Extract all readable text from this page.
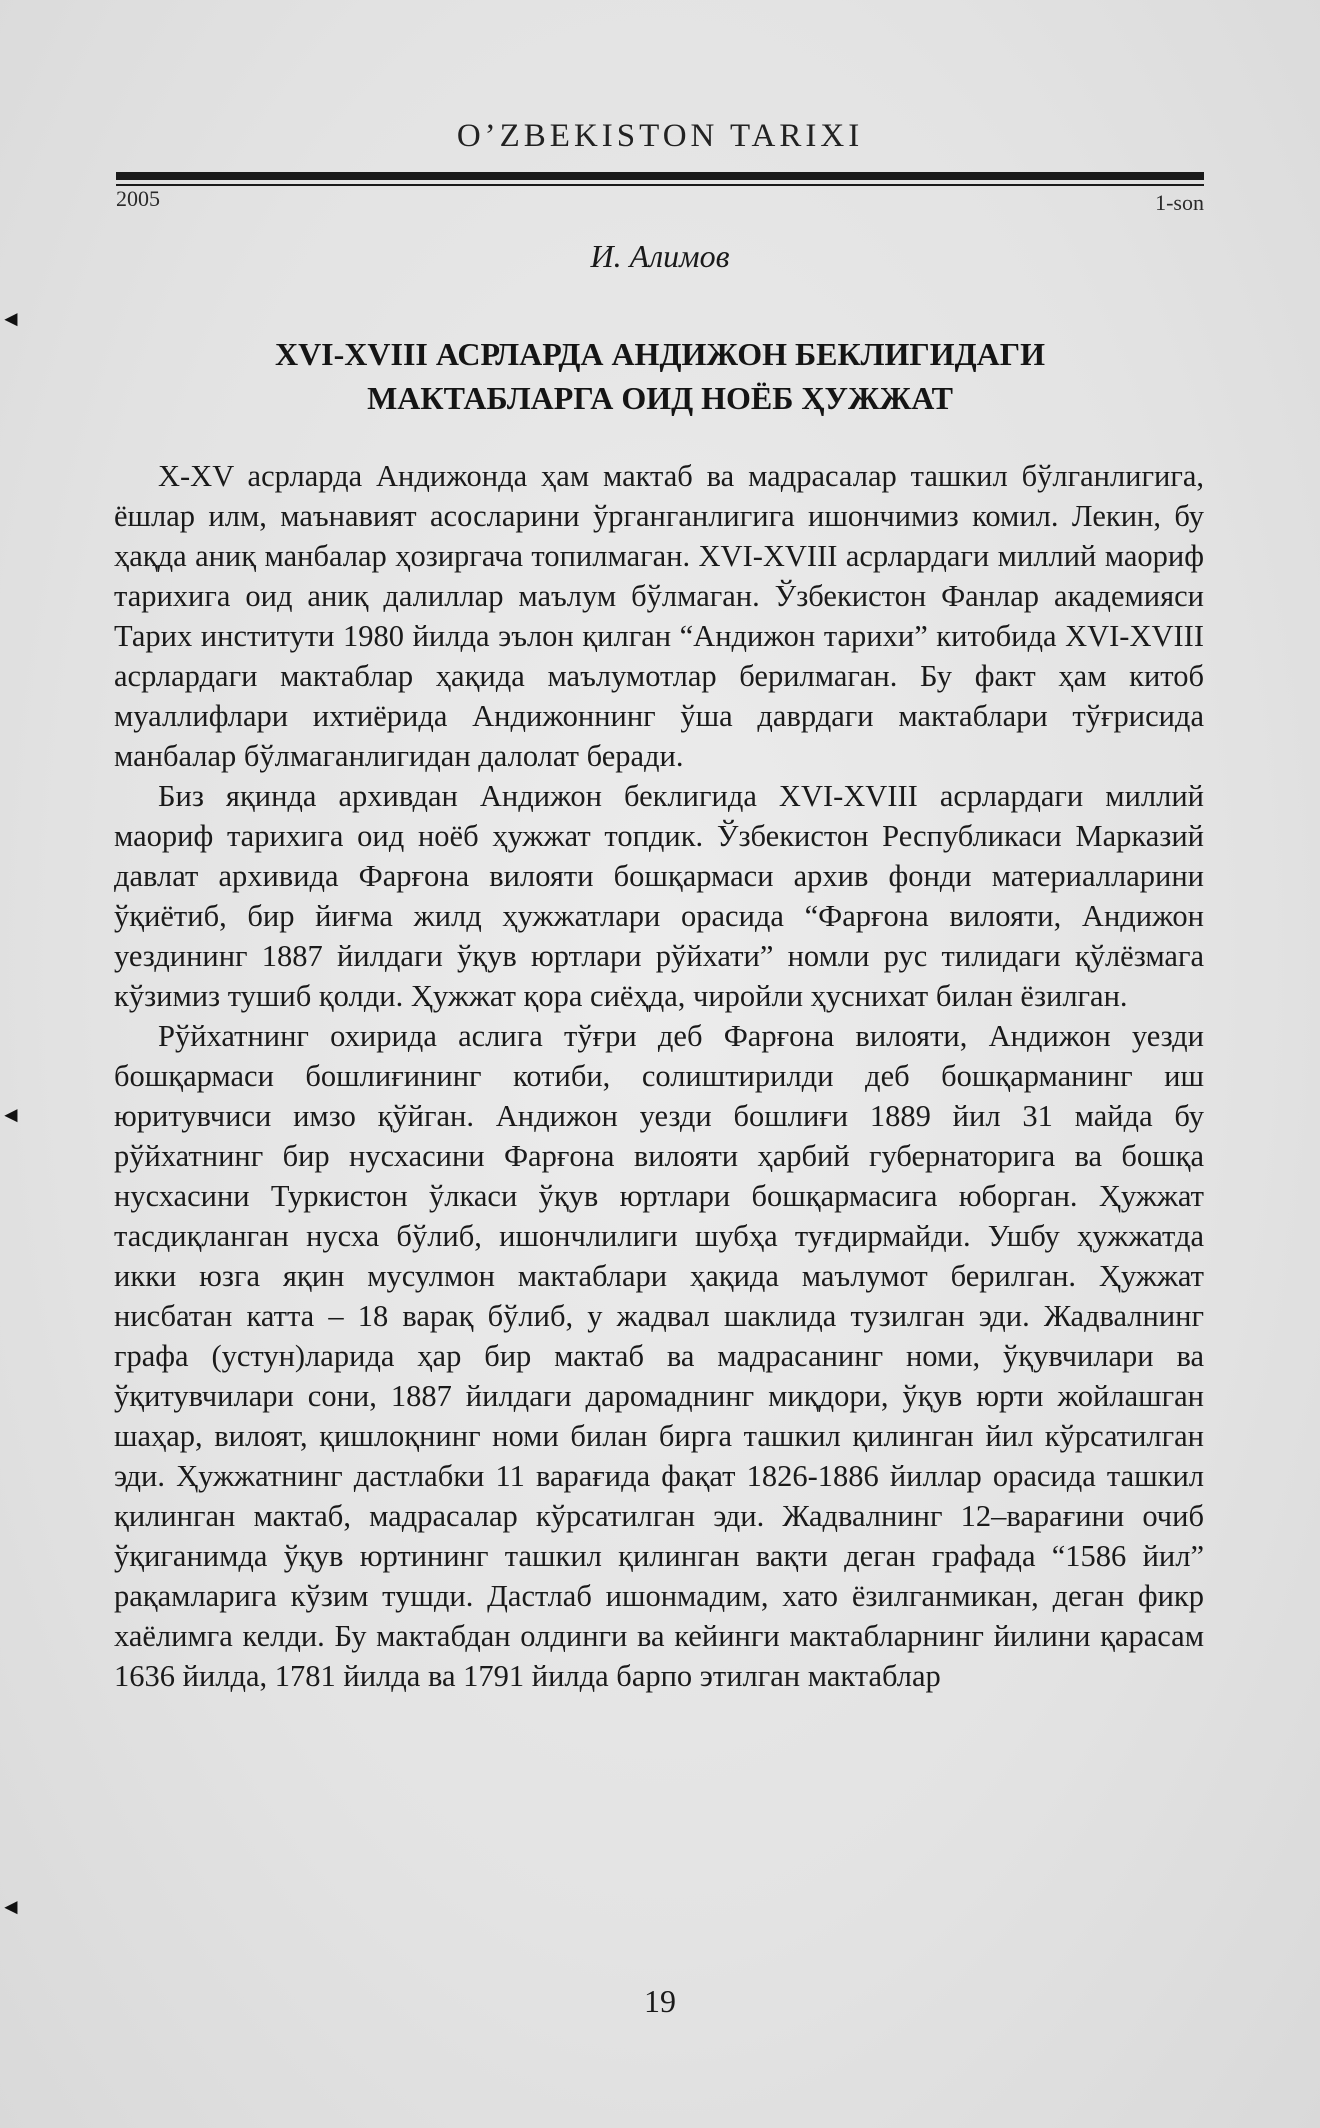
O’ZBEKISTON TARIXI
2005	1-son
И. Алимов
XVI-XVIII АСРЛАРДА АНДИЖОН БЕКЛИГИДАГИ
МАКТАБЛАРГА ОИД НОЁБ ҲУЖЖАТ

X-XV асрларда Андижонда ҳам мактаб ва мадрасалар ташкил бўлганлигига, ёшлар илм, маънавият асосларини ўрганганлигига ишончимиз комил. Лекин, бу ҳақда аниқ манбалар ҳозиргача топилмаган. XVI-XVIII асрлардаги миллий маориф тарихига оид аниқ далиллар маълум бўлмаган. Ўзбекистон Фанлар академияси Тарих институти 1980 йилда эълон қилган “Андижон тарихи” китобида XVI-XVIII асрлардаги мактаблар ҳақида маълумотлар берилмаган. Бу факт ҳам китоб муаллифлари ихтиёрида Андижоннинг ўша даврдаги мактаблари тўғрисида манбалар бўлмаганлигидан далолат беради.

Биз яқинда архивдан Андижон беклигида XVI-XVIII асрлардаги миллий маориф тарихига оид ноёб ҳужжат топдик. Ўзбекистон Республикаси Марказий давлат архивида Фарғона вилояти бошқармаси архив фонди материалларини ўқиётиб, бир йиғма жилд ҳужжатлари орасида “Фарғона вилояти, Андижон уездининг 1887 йилдаги ўқув юртлари рўйхати” номли рус тилидаги қўлёзмага кўзимиз тушиб қолди. Ҳужжат қора сиёҳда, чиройли ҳуснихат билан ёзилган.

Рўйхатнинг охирида аслига тўғри деб Фарғона вилояти, Андижон уезди бошқармаси бошлиғининг котиби, солиштирилди деб бошқарманинг иш юритувчиси имзо қўйган. Андижон уезди бошлиғи 1889 йил 31 майда бу рўйхатнинг бир нусхасини Фарғона вилояти ҳарбий губернаторига ва бошқа нусхасини Туркистон ўлкаси ўқув юртлари бошқармасига юборган. Ҳужжат тасдиқланган нусха бўлиб, ишончлилиги шубҳа туғдирмайди. Ушбу ҳужжатда икки юзга яқин мусулмон мактаблари ҳақида маълумот берилган. Ҳужжат нисбатан катта – 18 варақ бўлиб, у жадвал шаклида тузилган эди. Жадвалнинг графа (устун)ларида ҳар бир мактаб ва мадрасанинг номи, ўқувчилари ва ўқитувчилари сони, 1887 йилдаги даромаднинг миқдори, ўқув юрти жойлашган шаҳар, вилоят, қишлоқнинг номи билан бирга ташкил қилинган йил кўрсатилган эди. Ҳужжатнинг дастлабки 11 варағида фақат 1826-1886 йиллар орасида ташкил қилинган мактаб, мадрасалар кўрсатилган эди. Жадвалнинг 12–варағини очиб ўқиганимда ўқув юртининг ташкил қилинган вақти деган графада “1586 йил” рақамларига кўзим тушди. Дастлаб ишонмадим, хато ёзилганмикан, деган фикр хаёлимга келди. Бу мактабдан олдинги ва кейинги мактабларнинг йилини қарасам 1636 йилда, 1781 йилда ва 1791 йилда барпо этилган мактаблар

19
◄
◄
◄
